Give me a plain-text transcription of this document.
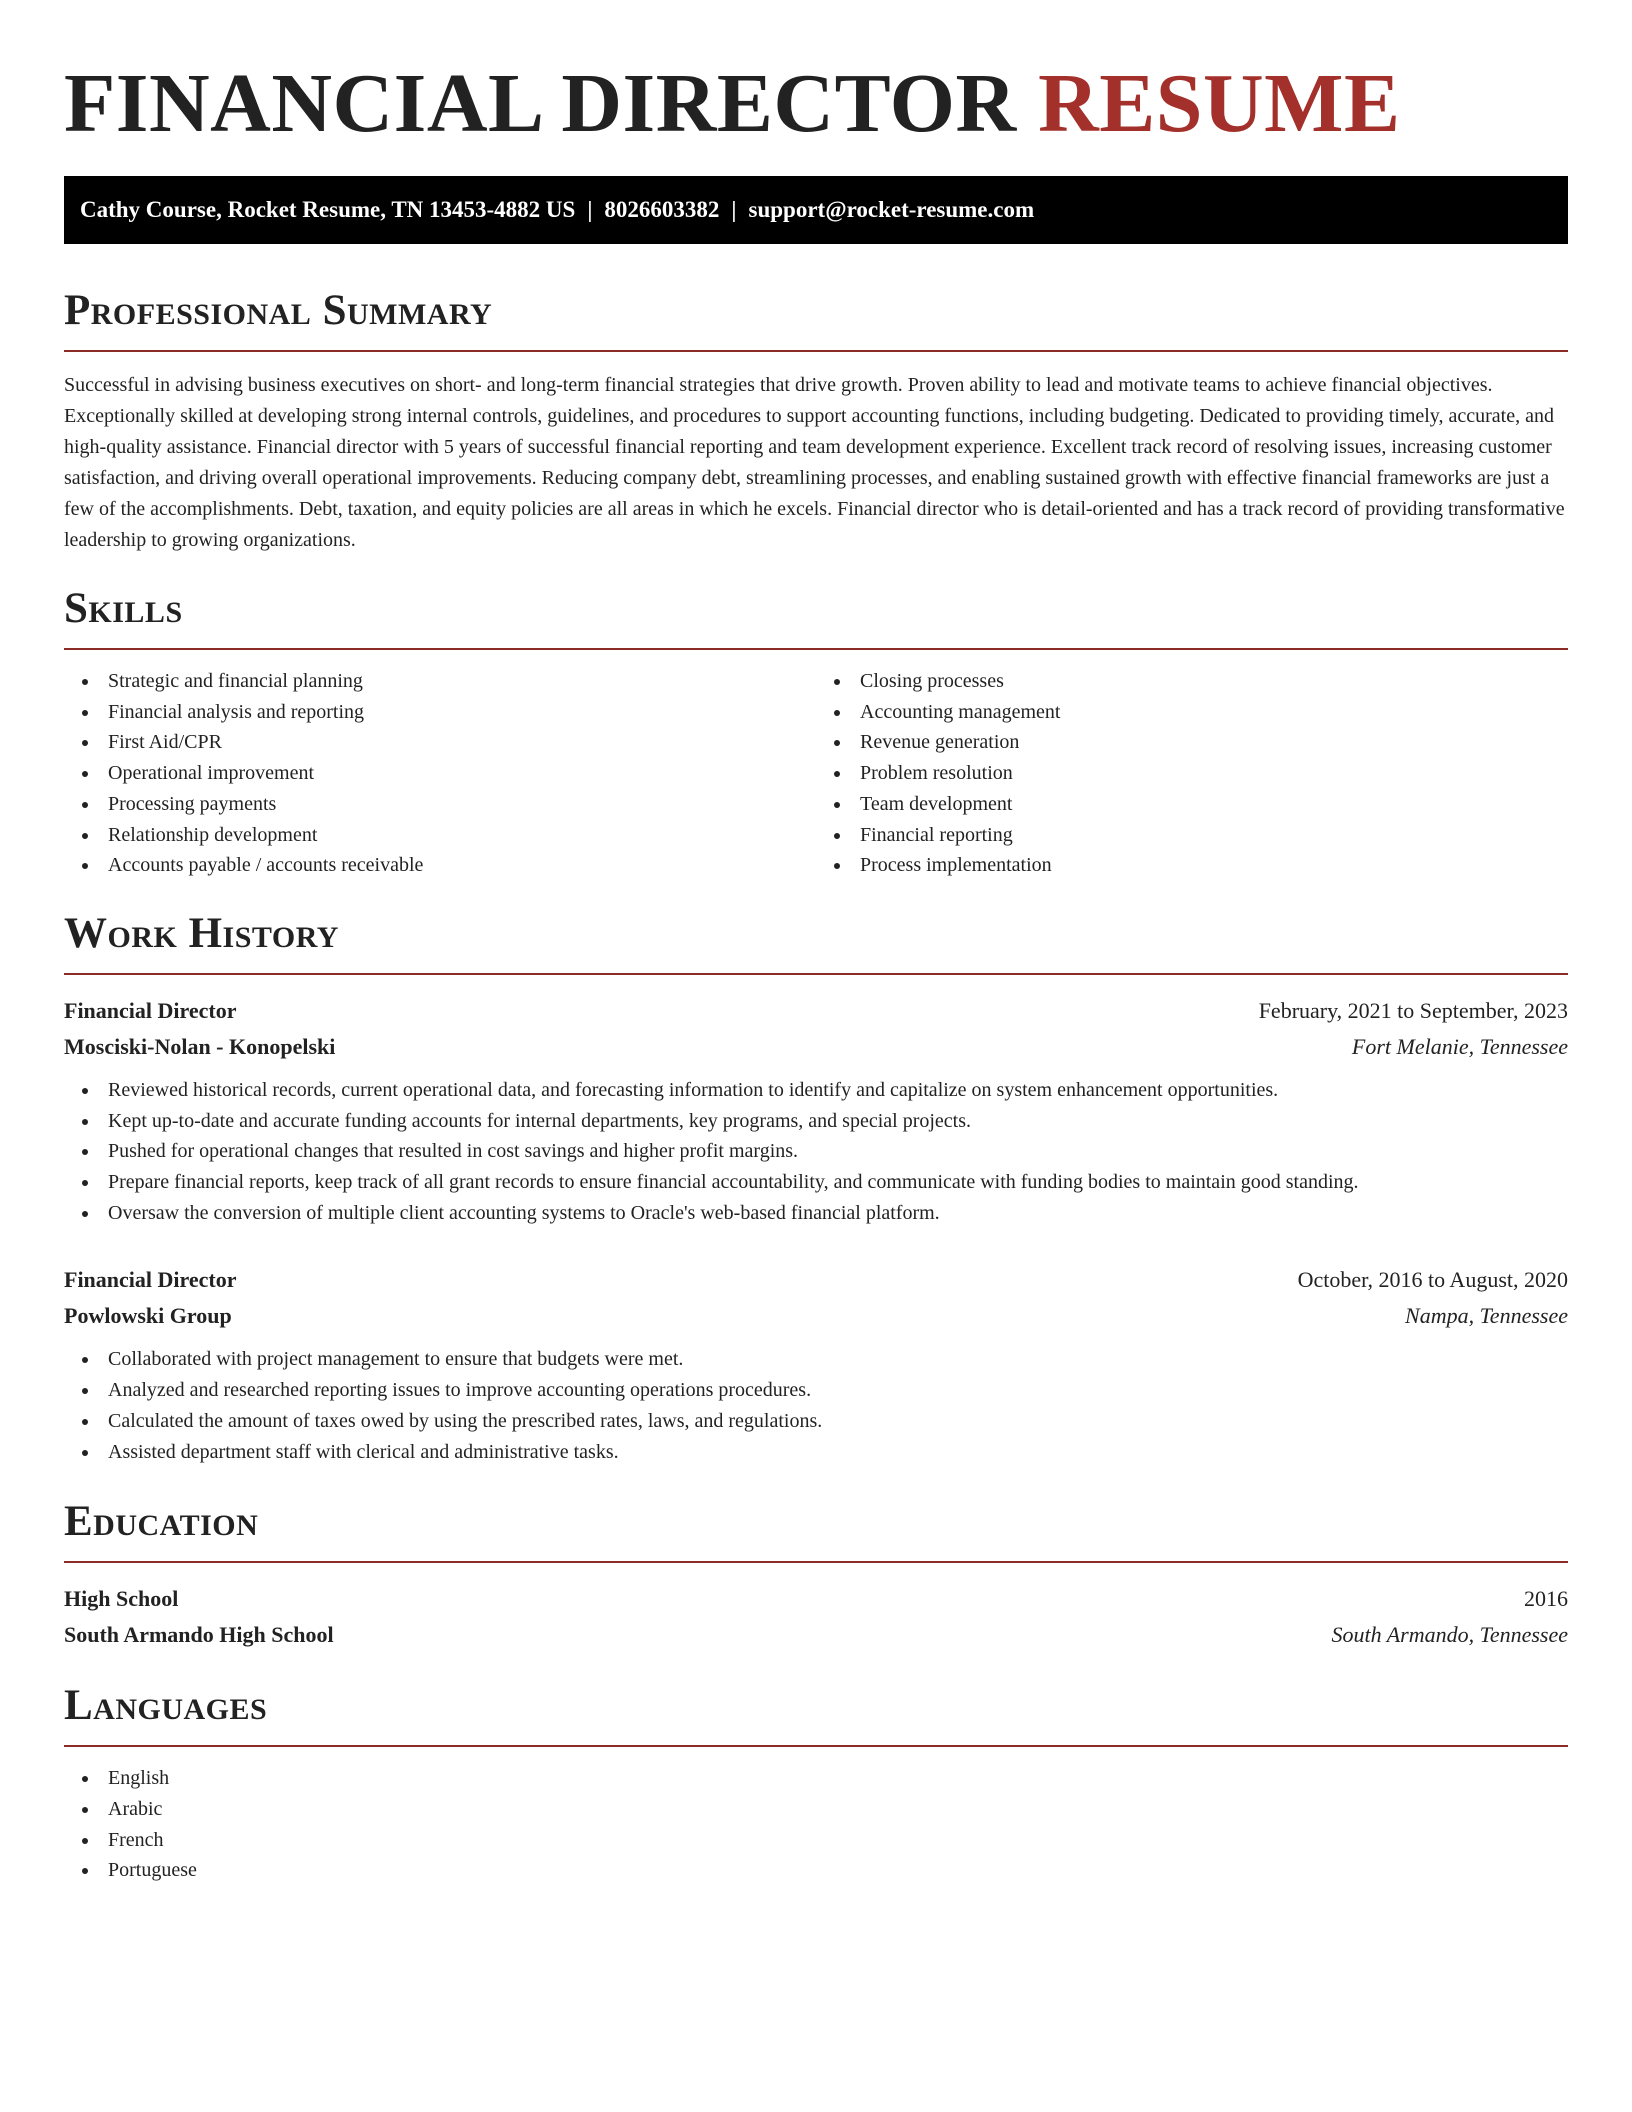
FINANCIAL DIRECTOR RESUME
Cathy Course, Rocket Resume, TN 13453-4882 US | 8026603382 | support@rocket-resume.com
Professional Summary

Successful in advising business executives on short- and long-term financial strategies that drive growth. Proven ability to lead and motivate teams to achieve financial objectives. Exceptionally skilled at developing strong internal controls, guidelines, and procedures to support accounting functions, including budgeting. Dedicated to providing timely, accurate, and high-quality assistance. Financial director with 5 years of successful financial reporting and team development experience. Excellent track record of resolving issues, increasing customer satisfaction, and driving overall operational improvements. Reducing company debt, streamlining processes, and enabling sustained growth with effective financial frameworks are just a few of the accomplishments. Debt, taxation, and equity policies are all areas in which he excels. Financial director who is detail-oriented and has a track record of providing transformative leadership to growing organizations.

Skills
Strategic and financial planning
Financial analysis and reporting
First Aid/CPR
Operational improvement
Processing payments
Relationship development
Accounts payable / accounts receivable
Closing processes
Accounting management
Revenue generation
Problem resolution
Team development
Financial reporting
Process implementation
Work History
Financial Director	February, 2021 to September, 2023
Mosciski-Nolan - Konopelski	Fort Melanie, Tennessee
Reviewed historical records, current operational data, and forecasting information to identify and capitalize on system enhancement opportunities.
Kept up-to-date and accurate funding accounts for internal departments, key programs, and special projects.
Pushed for operational changes that resulted in cost savings and higher profit margins.
Prepare financial reports, keep track of all grant records to ensure financial accountability, and communicate with funding bodies to maintain good standing.
Oversaw the conversion of multiple client accounting systems to Oracle's web-based financial platform.
Financial Director	October, 2016 to August, 2020
Powlowski Group	Nampa, Tennessee
Collaborated with project management to ensure that budgets were met.
Analyzed and researched reporting issues to improve accounting operations procedures.
Calculated the amount of taxes owed by using the prescribed rates, laws, and regulations.
Assisted department staff with clerical and administrative tasks.
Education
High School	2016
South Armando High School	South Armando, Tennessee
Languages
English
Arabic
French
Portuguese
